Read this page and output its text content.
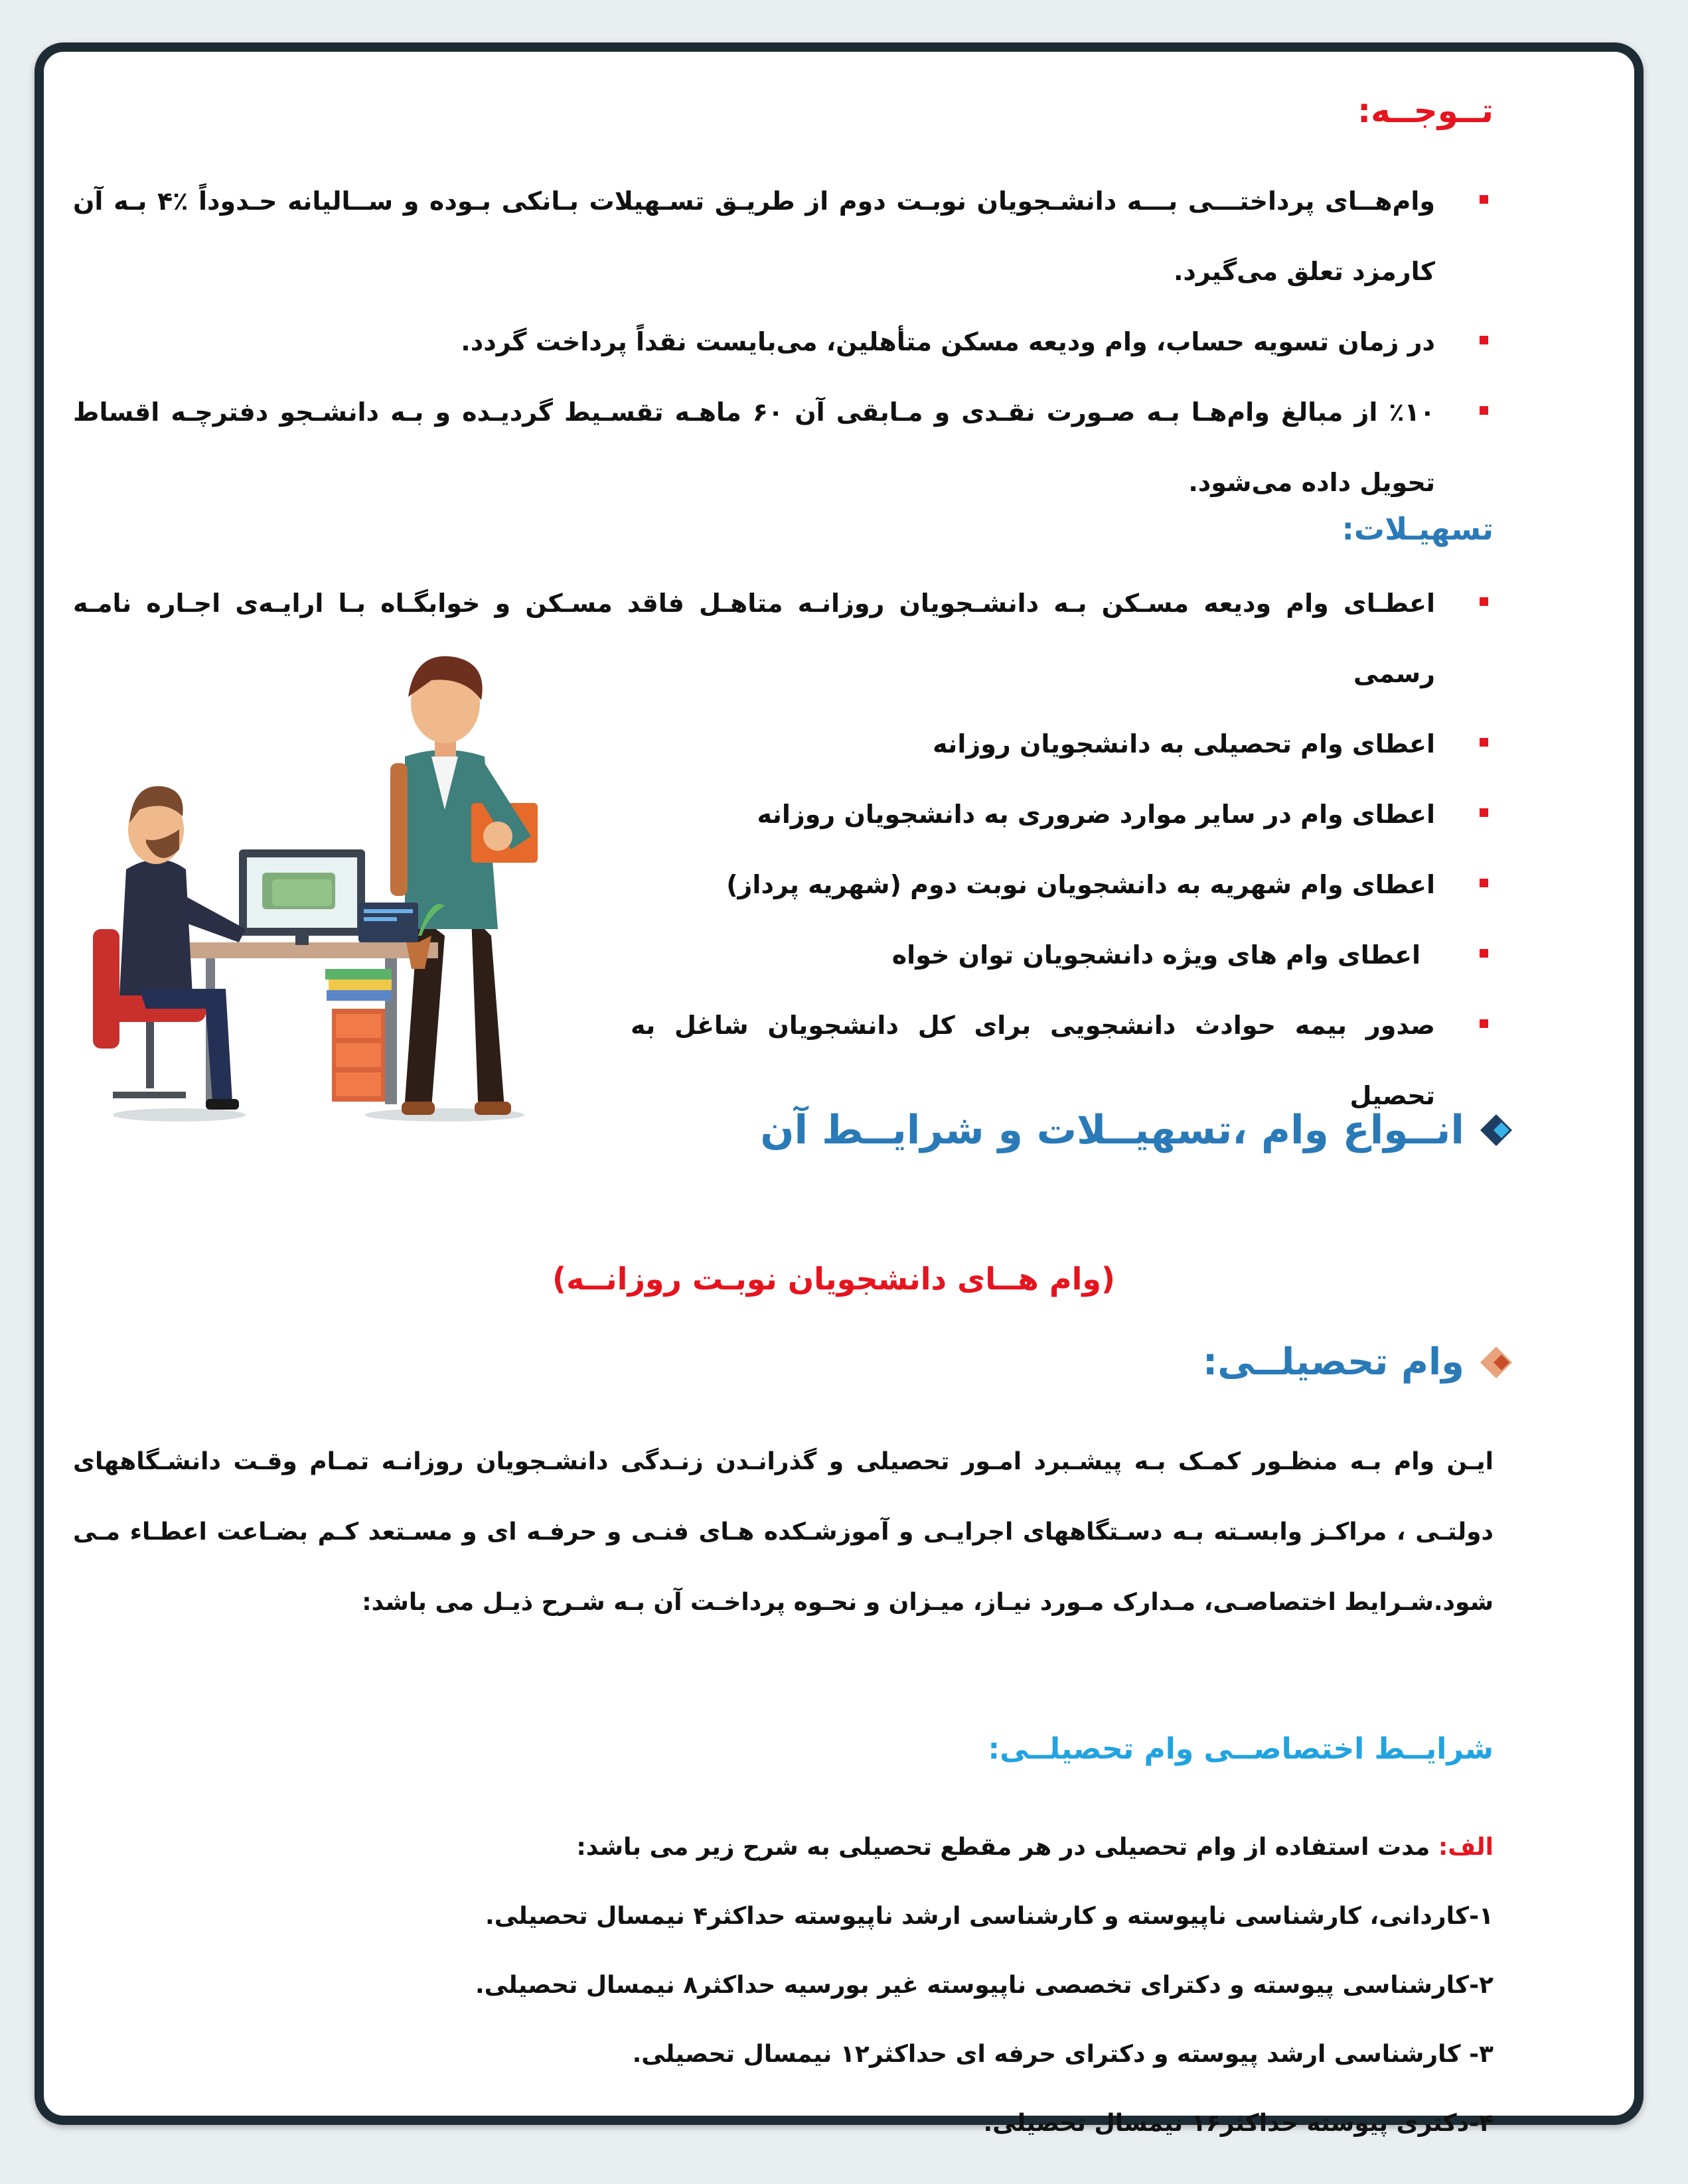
تــوجــه:
وام‌هــای پرداختـــی بـــه دانشـجویان نوبـت دوم از طریـق تسـهیلات بـانکی بـوده و ســالیانه حـدوداً ٪۴ بـه آن کارمزد تعلق می‌گیرد.
در زمان تسویه حساب، وام ودیعه مسکن متأهلین، می‌بایست نقداً پرداخت گردد.
٪۱۰ از مبالغ وام‌هـا بـه صـورت نقـدی و مـابقی آن ۶۰ ماهـه تقسـیط گردیـده و بـه دانشـجو دفترچـه اقساط تحویل داده می‌شود.
تسهیـلات:
اعطـای وام ودیعه مسـکن بـه دانشـجویان روزانـه متاهـل فاقد مسـکن و خوابگـاه بـا ارایـه‌ی اجـاره نامـه رسمی
اعطای وام تحصیلی به دانشجویان روزانه
اعطای وام در سایر موارد ضروری به دانشجویان روزانه
اعطای وام شهریه به دانشجویان نوبت دوم (شهریه پرداز)
اعطای وام های ویژه دانشجویان توان خواه
صدور بیمه حوادث دانشجویی برای کل دانشجویان شاغل به تحصیل
انــواع وام ،تسهیــلات و شرایــط آن
(وام هــای دانشجویان نوبـت روزانــه)
وام تحصیلــی:
ایـن وام بـه منظـور کمـک بـه پیشـبرد امـور تحصیلی و گذرانـدن زنـدگی دانشـجویان روزانـه تمـام وقـت دانشـگاههای دولتـی ، مراکـز وابسـته بـه دسـتگاههای اجرایـی و آموزشـکده هـای فنـی و حرفـه ای و مسـتعد کـم بضـاعت اعطـاء مـی شود.شـرایط اختصاصـی، مـدارک مـورد نیـاز، میـزان و نحـوه پرداخـت آن بـه شـرح ذیـل می باشد:
شرایــط اختصاصــی وام تحصیلــی:
الف: مدت استفاده از وام تحصیلی در هر مقطع تحصیلی به شرح زیر می باشد:
۱-کاردانی، کارشناسی ناپیوسته و کارشناسی ارشد ناپیوسته حداکثر۴ نیمسال تحصیلی.
۲-کارشناسی پیوسته و دکترای تخصصی ناپیوسته غیر بورسیه حداکثر۸ نیمسال تحصیلی.
۳- کارشناسی ارشد پیوسته و دکترای حرفه ای حداکثر۱۲ نیمسال تحصیلی.
۴-دکتری پیوسته حداکثر۱۶ نیمسال تحصیلی.
